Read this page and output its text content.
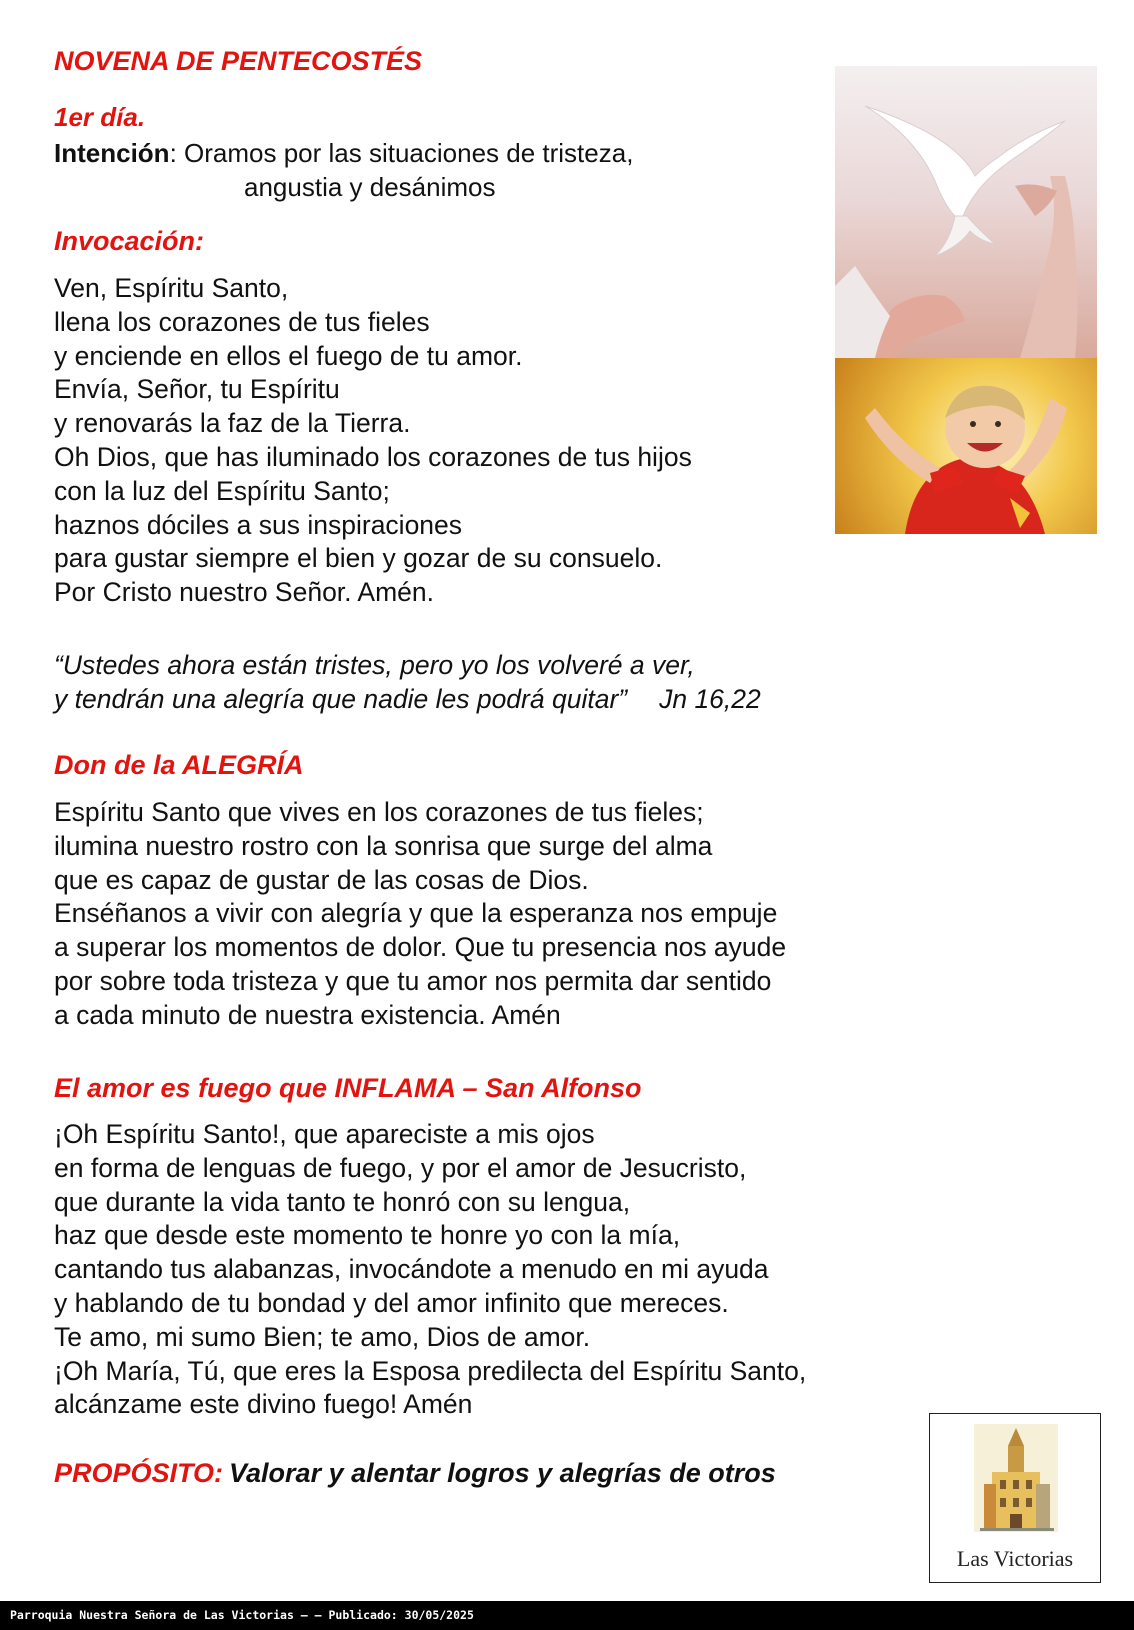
NOVENA DE PENTECOSTÉS
1er día.
Intención: Oramos por las situaciones de tristeza,
angustia y desánimos
Invocación:
Ven, Espíritu Santo,
llena los corazones de tus fieles
y enciende en ellos el fuego de tu amor.
Envía, Señor, tu Espíritu
y renovarás la faz de la Tierra.
Oh Dios, que has iluminado los corazones de tus hijos
con la luz del Espíritu Santo;
haznos dóciles a sus inspiraciones
para gustar siempre el bien y gozar de su consuelo.
Por Cristo nuestro Señor. Amén.
“Ustedes ahora están tristes, pero yo los volveré a ver,
y tendrán una alegría que nadie les podrá quitar” Jn 16,22
Don de la ALEGRÍA
Espíritu Santo que vives en los corazones de tus fieles;
ilumina nuestro rostro con la sonrisa que surge del alma
que es capaz de gustar de las cosas de Dios.
Enséñanos a vivir con alegría y que la esperanza nos empuje
a superar los momentos de dolor. Que tu presencia nos ayude
por sobre toda tristeza y que tu amor nos permita dar sentido
a cada minuto de nuestra existencia. Amén
El amor es fuego que INFLAMA – San Alfonso
¡Oh Espíritu Santo!, que apareciste a mis ojos
en forma de lenguas de fuego, y por el amor de Jesucristo,
que durante la vida tanto te honró con su lengua,
haz que desde este momento te honre yo con la mía,
cantando tus alabanzas, invocándote a menudo en mi ayuda
y hablando de tu bondad y del amor infinito que mereces.
Te amo, mi sumo Bien; te amo, Dios de amor.
¡Oh María, Tú, que eres la Esposa predilecta del Espíritu Santo,
alcánzame este divino fuego! Amén
PROPÓSITO: Valorar y alentar logros y alegrías de otros
Las Victorias
Parroquia Nuestra Señora de Las Victorias – – Publicado: 30/05/2025
